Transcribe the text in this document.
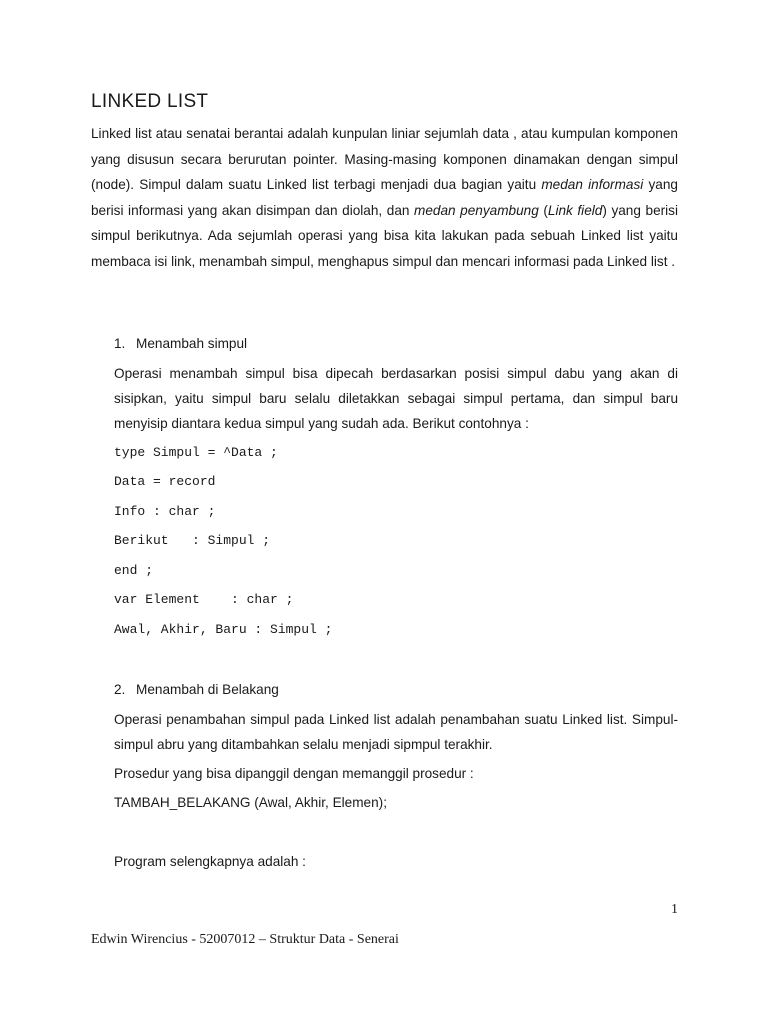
LINKED LIST

Linked list atau senatai berantai adalah kunpulan liniar sejumlah data , atau kumpulan komponen yang disusun secara berurutan pointer. Masing-masing komponen dinamakan dengan simpul (node). Simpul dalam suatu Linked list terbagi menjadi dua bagian yaitu medan informasi yang berisi informasi yang akan disimpan dan diolah, dan medan penyambung (Link field) yang berisi simpul berikutnya. Ada sejumlah operasi yang bisa kita lakukan pada sebuah Linked list yaitu membaca isi link, menambah simpul, menghapus simpul dan mencari informasi pada Linked list .

1. Menambah simpul

Operasi menambah simpul bisa dipecah berdasarkan posisi simpul dabu yang akan di sisipkan, yaitu simpul baru selalu diletakkan sebagai simpul pertama, dan simpul baru menyisip diantara kedua simpul yang sudah ada. Berikut contohnya :

type Simpul = ^Data ;
Data = record
Info : char ;
Berikut   : Simpul ;
end ;
var Element    : char ;
Awal, Akhir, Baru : Simpul ;

2. Menambah di Belakang

Operasi penambahan simpul pada Linked list adalah penambahan suatu Linked list. Simpul-simpul abru yang ditambahkan selalu menjadi sipmpul terakhir.

Prosedur yang bisa dipanggil dengan memanggil prosedur :

TAMBAH_BELAKANG (Awal, Akhir, Elemen);

Program selengkapnya adalah :

1
Edwin Wirencius - 52007012 – Struktur Data - Senerai
